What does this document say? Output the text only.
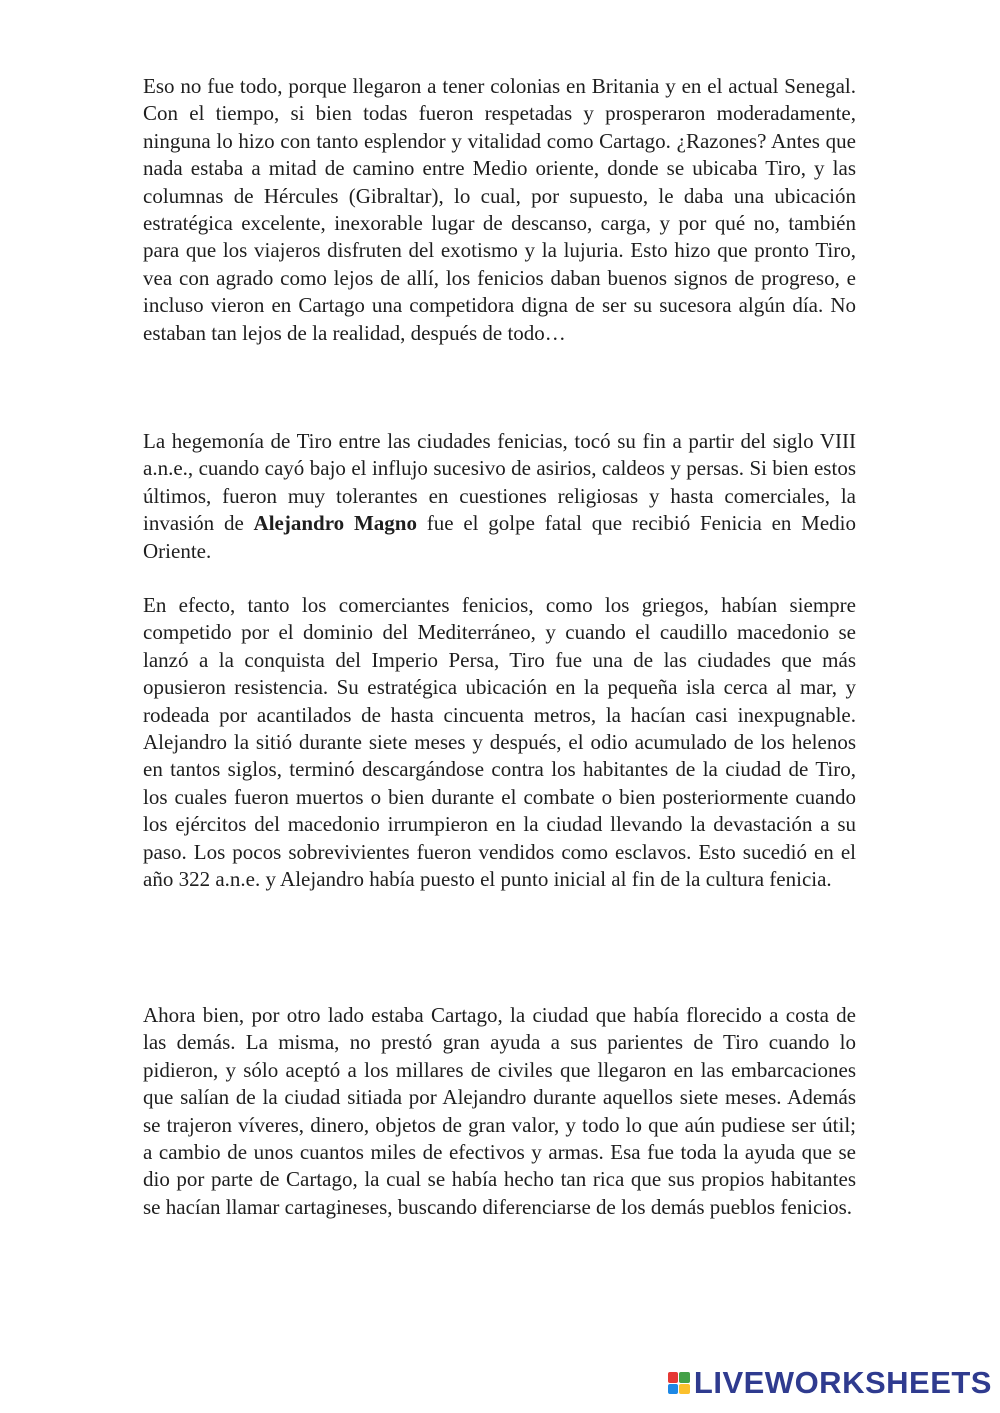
Eso no fue todo, porque llegaron a tener colonias en Britania y en el actual Senegal. Con el tiempo, si bien todas fueron respetadas y prosperaron moderadamente, ninguna lo hizo con tanto esplendor y vitalidad como Cartago. ¿Razones? Antes que nada estaba a mitad de camino entre Medio oriente, donde se ubicaba Tiro, y las columnas de Hércules (Gibraltar), lo cual, por supuesto, le daba una ubicación estratégica excelente, inexorable lugar de descanso, carga, y por qué no, también para que los viajeros disfruten del exotismo y la lujuria. Esto hizo que pronto Tiro, vea con agrado como lejos de allí, los fenicios daban buenos signos de progreso, e incluso vieron en Cartago una competidora digna de ser su sucesora algún día. No estaban tan lejos de la realidad, después de todo…

La hegemonía de Tiro entre las ciudades fenicias, tocó su fin a partir del siglo VIII a.n.e., cuando cayó bajo el influjo sucesivo de asirios, caldeos y persas. Si bien estos últimos, fueron muy tolerantes en cuestiones religiosas y hasta comerciales, la invasión de Alejandro Magno fue el golpe fatal que recibió Fenicia en Medio Oriente.

En efecto, tanto los comerciantes fenicios, como los griegos, habían siempre competido por el dominio del Mediterráneo, y cuando el caudillo macedonio se lanzó a la conquista del Imperio Persa, Tiro fue una de las ciudades que más opusieron resistencia. Su estratégica ubicación en la pequeña isla cerca al mar, y rodeada por acantilados de hasta cincuenta metros, la hacían casi inexpugnable. Alejandro la sitió durante siete meses y después, el odio acumulado de los helenos en tantos siglos, terminó descargándose contra los habitantes de la ciudad de Tiro, los cuales fueron muertos o bien durante el combate o bien posteriormente cuando los ejércitos del macedonio irrumpieron en la ciudad llevando la devastación a su paso. Los pocos sobrevivientes fueron vendidos como esclavos. Esto sucedió en el año 322 a.n.e. y Alejandro había puesto el punto inicial al fin de la cultura fenicia.

Ahora bien, por otro lado estaba Cartago, la ciudad que había florecido a costa de las demás. La misma, no prestó gran ayuda a sus parientes de Tiro cuando lo pidieron, y sólo aceptó a los millares de civiles que llegaron en las embarcaciones que salían de la ciudad sitiada por Alejandro durante aquellos siete meses. Además se trajeron víveres, dinero, objetos de gran valor, y todo lo que aún pudiese ser útil; a cambio de unos cuantos miles de efectivos y armas. Esa fue toda la ayuda que se dio por parte de Cartago, la cual se había hecho tan rica que sus propios habitantes se hacían llamar cartagineses, buscando diferenciarse de los demás pueblos fenicios.

LIVEWORKSHEETS
